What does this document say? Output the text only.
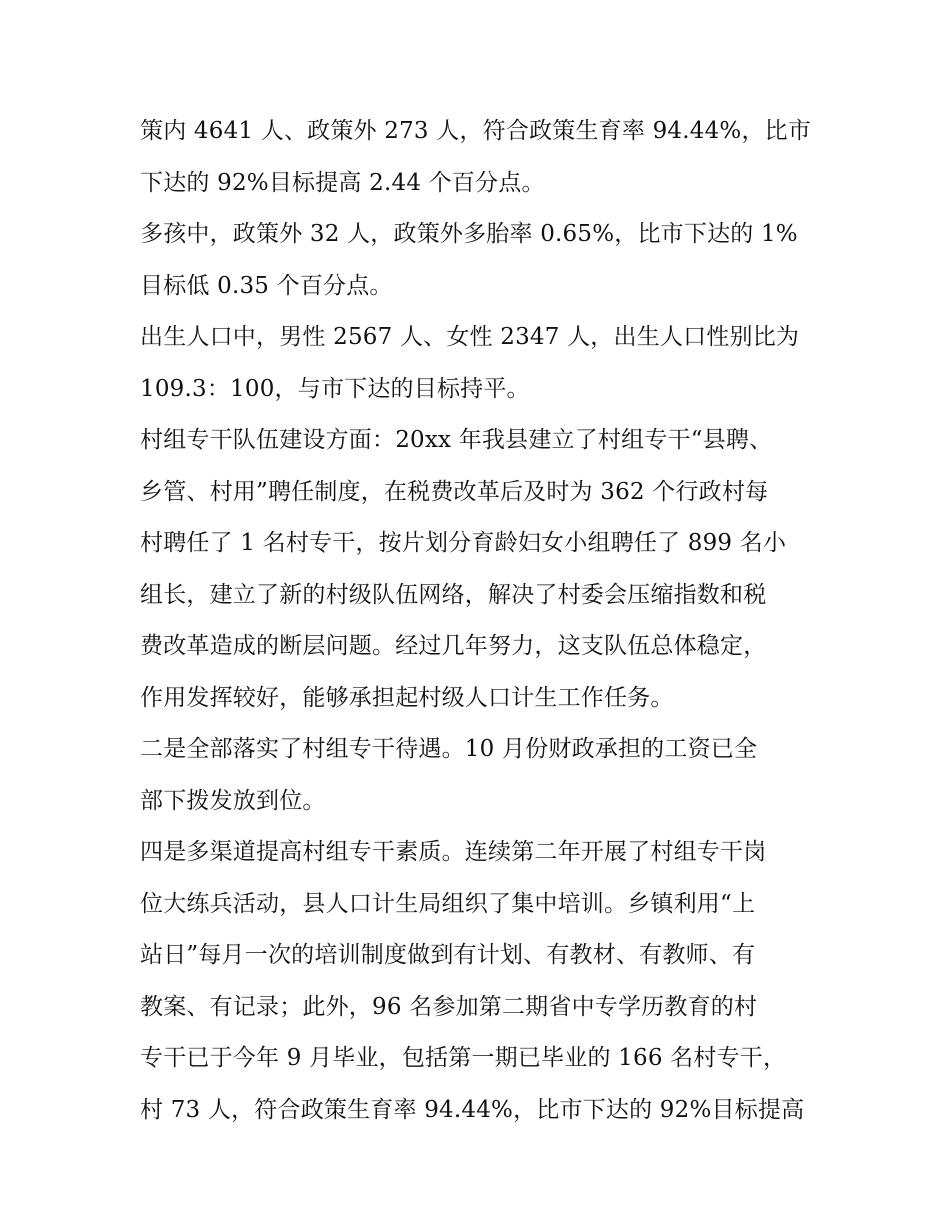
策内 4641 人、政策外 273 人，符合政策生育率 94.44%，比市
下达的 92%目标提高 2.44 个百分点。
多孩中，政策外 32 人，政策外多胎率 0.65%，比市下达的 1%
目标低 0.35 个百分点。
出生人口中，男性 2567 人、女性 2347 人，出生人口性别比为
109.3：100，与市下达的目标持平。
村组专干队伍建设方面：20xx 年我县建立了村组专干“县聘、
乡管、村用”聘任制度，在税费改革后及时为 362 个行政村每
村聘任了 1 名村专干，按片划分育龄妇女小组聘任了 899 名小
组长，建立了新的村级队伍网络，解决了村委会压缩指数和税
费改革造成的断层问题。经过几年努力，这支队伍总体稳定，
作用发挥较好，能够承担起村级人口计生工作任务。
二是全部落实了村组专干待遇。10 月份财政承担的工资已全
部下拨发放到位。
四是多渠道提高村组专干素质。连续第二年开展了村组专干岗
位大练兵活动，县人口计生局组织了集中培训。乡镇利用“上
站日”每月一次的培训制度做到有计划、有教材、有教师、有
教案、有记录；此外，96 名参加第二期省中专学历教育的村
专干已于今年 9 月毕业，包括第一期已毕业的 166 名村专干，
村 73 人，符合政策生育率 94.44%，比市下达的 92%目标提高
